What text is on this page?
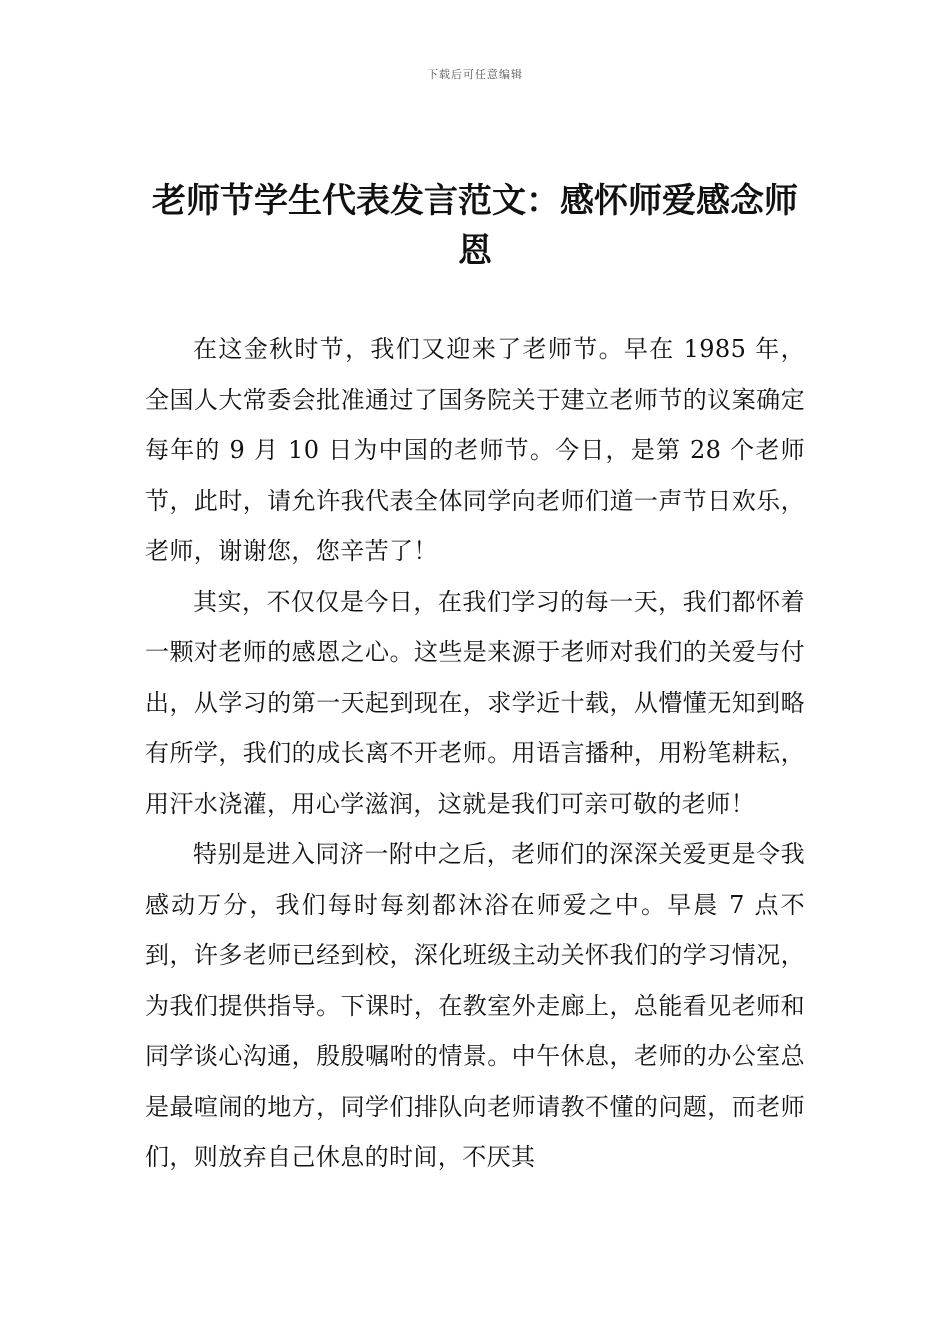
下载后可任意编辑
老师节学生代表发言范文：感怀师爱感念师恩

在这金秋时节，我们又迎来了老师节。早在 1985 年，全国人大常委会批准通过了国务院关于建立老师节的议案确定每年的 9 月 10 日为中国的老师节。今日，是第 28 个老师节，此时，请允许我代表全体同学向老师们道一声节日欢乐，老师，谢谢您，您辛苦了！

其实，不仅仅是今日，在我们学习的每一天，我们都怀着一颗对老师的感恩之心。这些是来源于老师对我们的关爱与付出，从学习的第一天起到现在，求学近十载，从懵懂无知到略有所学，我们的成长离不开老师。用语言播种，用粉笔耕耘，用汗水浇灌，用心学滋润，这就是我们可亲可敬的老师！

特别是进入同济一附中之后，老师们的深深关爱更是令我感动万分，我们每时每刻都沐浴在师爱之中。早晨 7 点不到，许多老师已经到校，深化班级主动关怀我们的学习情况，为我们提供指导。下课时，在教室外走廊上，总能看见老师和同学谈心沟通，殷殷嘱咐的情景。中午休息，老师的办公室总是最喧闹的地方，同学们排队向老师请教不懂的问题，而老师们，则放弃自己休息的时间，不厌其
